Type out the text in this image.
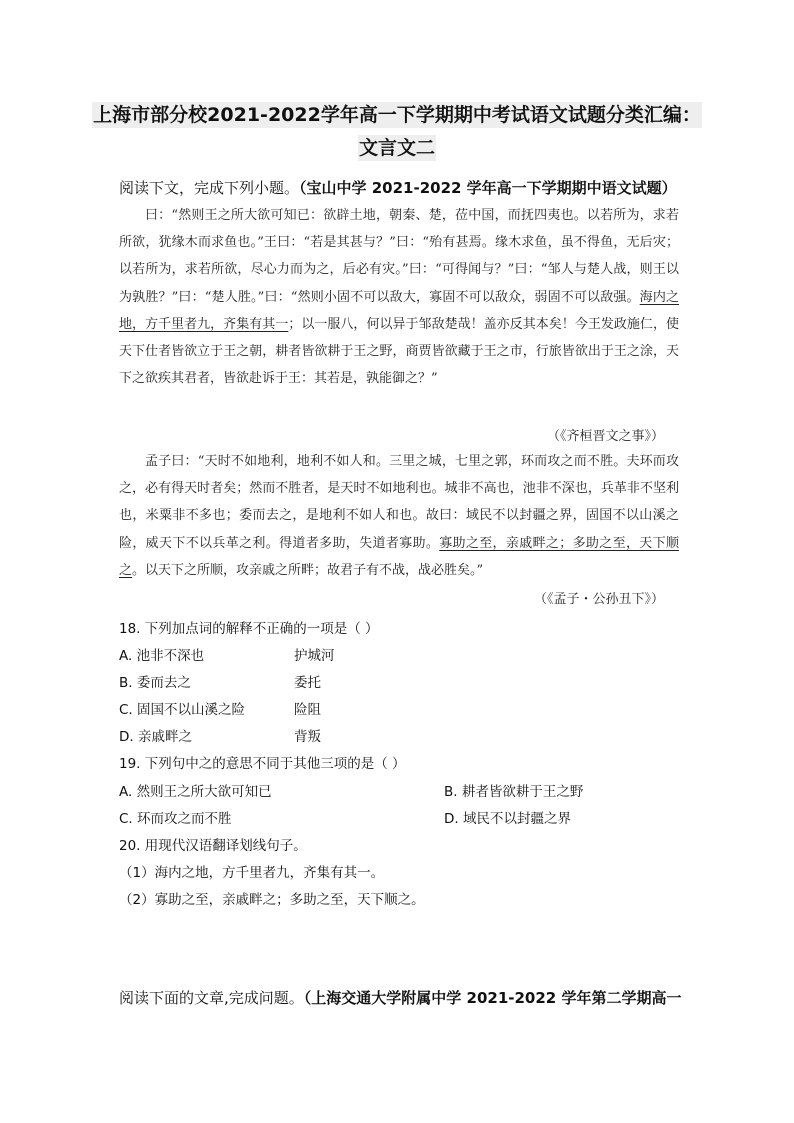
上海市部分校2021-2022学年高一下学期期中考试语文试题分类汇编：
文言文二
阅读下文，完成下列小题。（宝山中学 2021-2022 学年高一下学期期中语文试题）

曰：“然则王之所大欲可知已：欲辟土地，朝秦、楚，莅中国，而抚四夷也。以若所为，求若所欲，犹缘木而求鱼也。”王曰：“若是其甚与？”曰：“殆有甚焉。缘木求鱼，虽不得鱼，无后灾；以若所为，求若所欲，尽心力而为之，后必有灾。”曰：“可得闻与？”曰：“邹人与楚人战，则王以为孰胜？”曰：“楚人胜。”曰：“然则小固不可以敌大，寡固不可以敌众，弱固不可以敌强。海内之地，方千里者九，齐集有其一；以一服八，何以异于邹敌楚哉！盖亦反其本矣！今王发政施仁，使天下仕者皆欲立于王之朝，耕者皆欲耕于王之野，商贾皆欲藏于王之市，行旅皆欲出于王之涂，天下之欲疾其君者，皆欲赴诉于王：其若是，孰能御之？”

（《齐桓晋文之事》）

孟子曰：“天时不如地利，地利不如人和。三里之城，七里之郭，环而攻之而不胜。夫环而攻之，必有得天时者矣；然而不胜者，是天时不如地利也。城非不高也，池非不深也，兵革非不坚利也，米粟非不多也；委而去之，是地利不如人和也。故曰：域民不以封疆之界，固国不以山溪之险，威天下不以兵革之利。得道者多助，失道者寡助。寡助之至，亲戚畔之；多助之至，天下顺之。以天下之所顺，攻亲戚之所畔；故君子有不战，战必胜矣。”

（《孟子・公孙丑下》）
18. 下列加点词的解释不正确的一项是（ ）
A. 池非不深也	护城河
B. 委而去之	委托
C. 固国不以山溪之险	险阻
D. 亲戚畔之	背叛
19. 下列句中之的意思不同于其他三项的是（ ）
A. 然则王之所大欲可知已	B. 耕者皆欲耕于王之野
C. 环而攻之而不胜	D. 域民不以封疆之界
20. 用现代汉语翻译划线句子。
（1）海内之地，方千里者九，齐集有其一。
（2）寡助之至，亲戚畔之；多助之至，天下顺之。
阅读下面的文章,完成问题。（上海交通大学附属中学 2021-2022 学年第二学期高一
